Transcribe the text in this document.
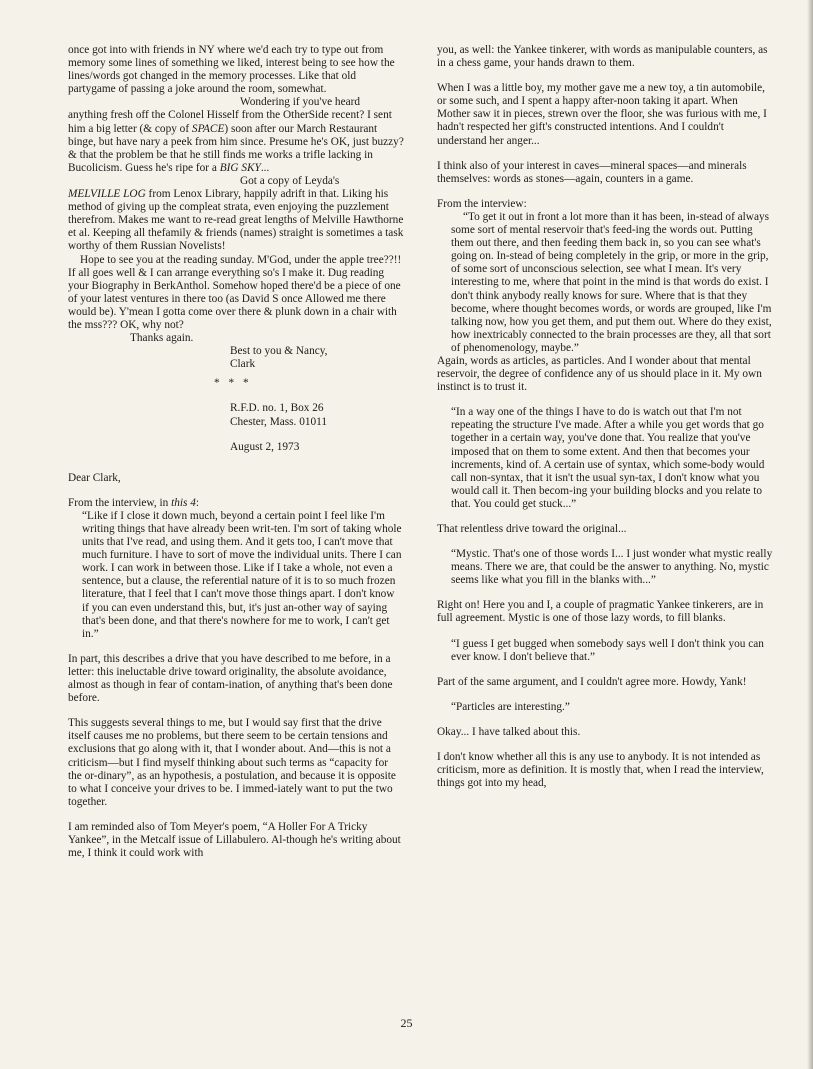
once got into with friends in NY where we'd each try to type out from memory some lines of something we liked, interest being to see how the lines/words got changed in the memory processes. Like that old partygame of passing a joke around the room, somewhat.

Wondering if you've heard

anything fresh off the Colonel Hisself from the OtherSide recent? I sent him a big letter (& copy of SPACE) soon after our March Restaurant binge, but have nary a peek from him since. Presume he's OK, just buzzy? & that the problem be that he still finds me works a trifle lacking in Bucolicism. Guess he's ripe for a BIG SKY...

Got a copy of Leyda's

MELVILLE LOG from Lenox Library, happily adrift in that. Liking his method of giving up the compleat strata, even enjoying the puzzlement therefrom. Makes me want to re-read great lengths of Melville Hawthorne et al. Keeping all thefamily & friends (names) straight is sometimes a task worthy of them Russian Novelists!

Hope to see you at the reading sunday. M'God, under the apple tree??!! If all goes well & I can arrange everything so's I make it. Dug reading your Biography in BerkAnthol. Somehow hoped there'd be a piece of one of your latest ventures in there too (as David S once Allowed me there would be). Y'mean I gotta come over there & plunk down in a chair with the mss??? OK, why not?

Thanks again.

Best to you & Nancy,

Clark

* * *

R.F.D. no. 1, Box 26

Chester, Mass. 01011

August 2, 1973

Dear Clark,

From the interview, in this 4:

“Like if I close it down much, beyond a certain point I feel like I'm writing things that have already been writ-ten. I'm sort of taking whole units that I've read, and using them. And it gets too, I can't move that much furniture. I have to sort of move the individual units. There I can work. I can work in between those. Like if I take a whole, not even a sentence, but a clause, the referential nature of it is to so much frozen literature, that I feel that I can't move those things apart. I don't know if you can even understand this, but, it's just an-other way of saying that's been done, and that there's nowhere for me to work, I can't get in.”

In part, this describes a drive that you have described to me before, in a letter: this ineluctable drive toward originality, the absolute avoidance, almost as though in fear of contam-ination, of anything that's been done before.

This suggests several things to me, but I would say first that the drive itself causes me no problems, but there seem to be certain tensions and exclusions that go along with it, that I wonder about. And—this is not a criticism—but I find myself thinking about such terms as “capacity for the or-dinary”, as an hypothesis, a postulation, and because it is opposite to what I conceive your drives to be. I immed-iately want to put the two together.

I am reminded also of Tom Meyer's poem, “A Holler For A Tricky Yankee”, in the Metcalf issue of Lillabulero. Al-though he's writing about me, I think it could work with

you, as well: the Yankee tinkerer, with words as manipulable counters, as in a chess game, your hands drawn to them.

When I was a little boy, my mother gave me a new toy, a tin automobile, or some such, and I spent a happy after-noon taking it apart. When Mother saw it in pieces, strewn over the floor, she was furious with me, I hadn't respected her gift's constructed intentions. And I couldn't understand her anger...

I think also of your interest in caves—mineral spaces—and minerals themselves: words as stones—again, counters in a game.

From the interview:

“To get it out in front a lot more than it has been, in-stead of always some sort of mental reservoir that's feed-ing the words out. Putting them out there, and then feeding them back in, so you can see what's going on. In-stead of being completely in the grip, or more in the grip, of some sort of unconscious selection, see what I mean. It's very interesting to me, where that point in the mind is that words do exist. I don't think anybody really knows for sure. Where that is that they become, where thought becomes words, or words are grouped, like I'm talking now, how you get them, and put them out. Where do they exist, how inextricably connected to the brain processes are they, all that sort of phenomenology, maybe.”

Again, words as articles, as particles. And I wonder about that mental reservoir, the degree of confidence any of us should place in it. My own instinct is to trust it.

“In a way one of the things I have to do is watch out that I'm not repeating the structure I've made. After a while you get words that go together in a certain way, you've done that. You realize that you've imposed that on them to some extent. And then that becomes your increments, kind of. A certain use of syntax, which some-body would call non-syntax, that it isn't the usual syn-tax, I don't know what you would call it. Then becom-ing your building blocks and you relate to that. You could get stuck...”

That relentless drive toward the original...

“Mystic. That's one of those words I... I just wonder what mystic really means. There we are, that could be the answer to anything. No, mystic seems like what you fill in the blanks with...”

Right on! Here you and I, a couple of pragmatic Yankee tinkerers, are in full agreement. Mystic is one of those lazy words, to fill blanks.

“I guess I get bugged when somebody says well I don't think you can ever know. I don't believe that.”

Part of the same argument, and I couldn't agree more. Howdy, Yank!

“Particles are interesting.”

Okay... I have talked about this.

I don't know whether all this is any use to anybody. It is not intended as criticism, more as definition. It is mostly that, when I read the interview, things got into my head,

25
